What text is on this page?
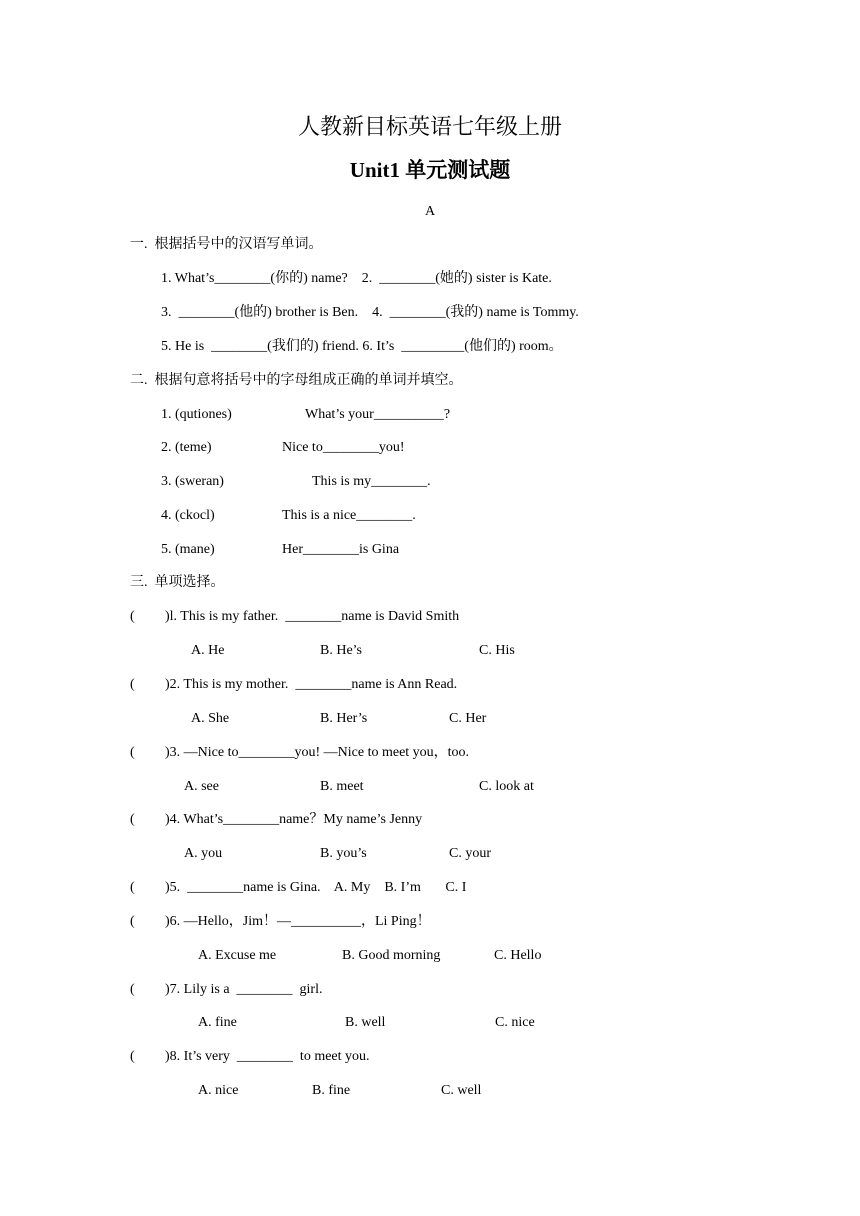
人教新目标英语七年级上册
Unit1 单元测试题
A
一.  根据括号中的汉语写单词。
1. What’s________(你的) name?    2.  ________(她的) sister is Kate.
3.  ________(他的) brother is Ben.    4.  ________(我的) name is Tommy.
5. He is  ________(我们的) friend. 6. It’s  _________(他们的) room。
二.  根据句意将括号中的字母组成正确的单词并填空。
1. (qutiones)	What’s your__________?
2. (teme)	Nice to________you!
3. (sweran)	This is my________.
4. (ckocl)	This is a nice________.
5. (mane)	Her________is Gina
三.  单项选择。
( )l. This is my father.  ________name is David Smith
A. He	B. He’s	C. His
( )2. This is my mother.  ________name is Ann Read.
A. She	B. Her’s	C. Her
( )3. —Nice to________you! —Nice to meet you，too.
A. see	B. meet	C. look at
( )4. What’s________name？My name’s Jenny
A. you	B. you’s	C. your
( )5.  ________name is Gina.    A. My    B. I’m       C. I
( )6. —Hello，Jim！—__________，Li Ping！
A. Excuse me	B. Good morning	C. Hello
( )7. Lily is a  ________  girl.
A. fine	B. well	C. nice
( )8. It’s very  ________  to meet you.
A. nice	B. fine	C. well
